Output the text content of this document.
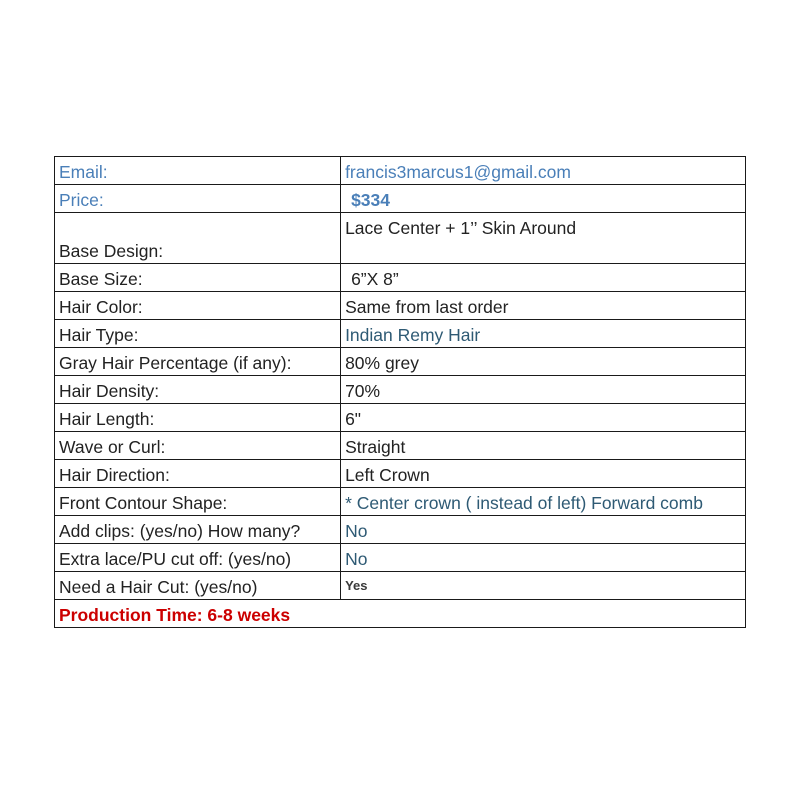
Email:	francis3marcus1@gmail.com
Price:	$334
Base Design:	Lace Center + 1’’ Skin Around
Base Size:	6”X 8”
Hair Color:	Same from last order
Hair Type:	Indian Remy Hair
Gray Hair Percentage (if any):	80% grey
Hair Density:	70%
Hair Length:	6"
Wave or Curl:	Straight
Hair Direction:	Left Crown
Front Contour Shape:	* Center crown ( instead of left) Forward comb
Add clips: (yes/no) How many?	No
Extra lace/PU cut off: (yes/no)	No
Need a Hair Cut: (yes/no)	Yes
Production Time: 6-8 weeks	
